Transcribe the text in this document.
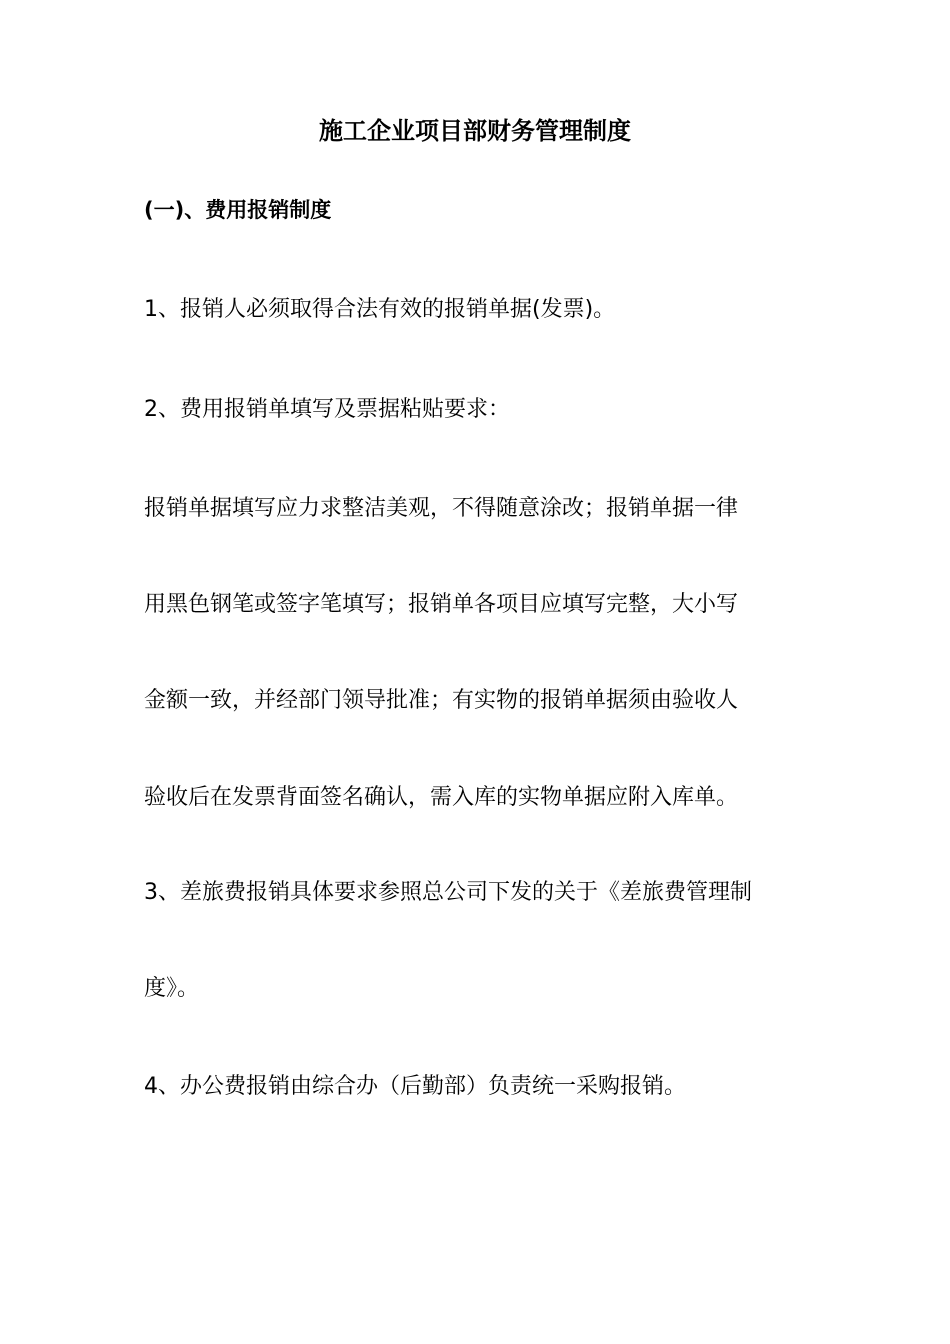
施工企业项目部财务管理制度
(一)、费用报销制度
1、报销人必须取得合法有效的报销单据(发票)。
2、费用报销单填写及票据粘贴要求：
报销单据填写应力求整洁美观，不得随意涂改；报销单据一律
用黑色钢笔或签字笔填写；报销单各项目应填写完整，大小写
金额一致，并经部门领导批准；有实物的报销单据须由验收人
验收后在发票背面签名确认，需入库的实物单据应附入库单。
3、差旅费报销具体要求参照总公司下发的关于《差旅费管理制
度》。
4、办公费报销由综合办（后勤部）负责统一采购报销。
